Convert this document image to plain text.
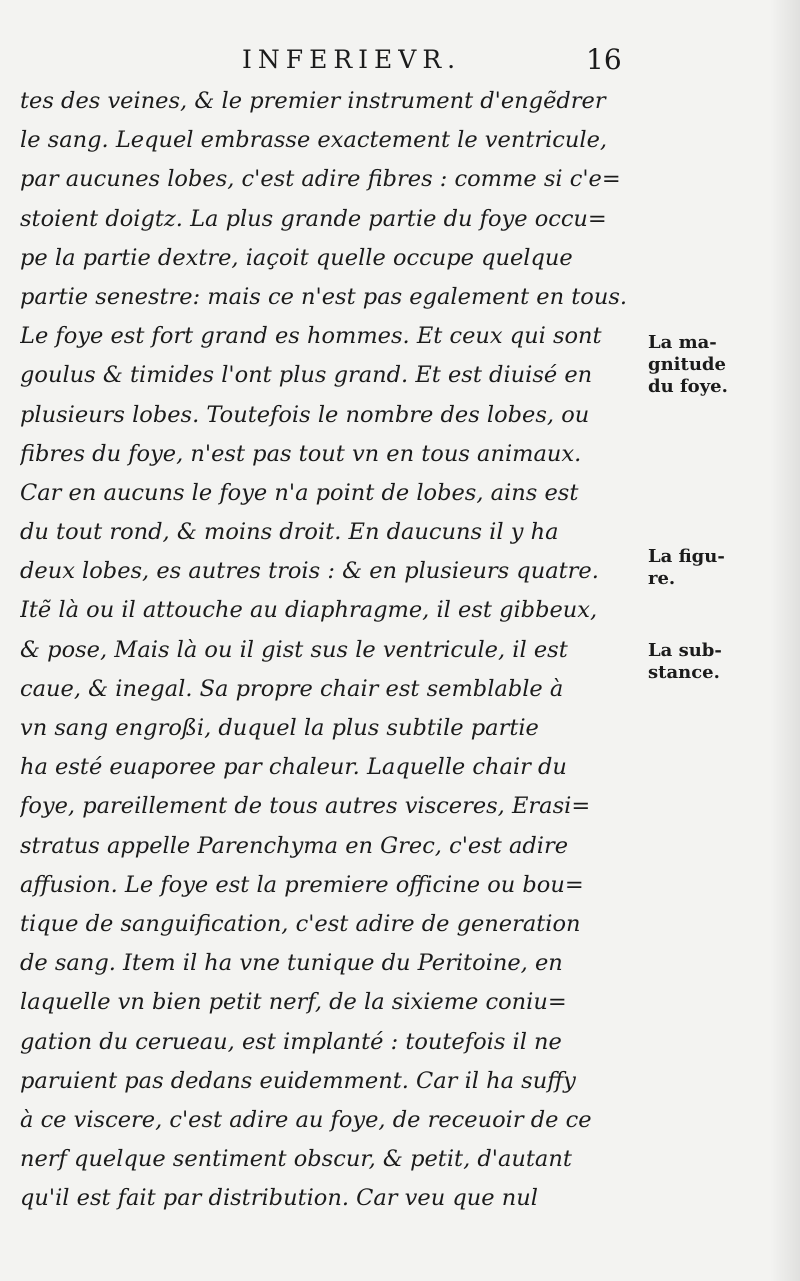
INFERIEVR.	16
tes des veines, & le premier instrument d'engẽdrer
le sang. Lequel embrasse exactement le ventricule,
par aucunes lobes, c'est adire fibres : comme si c'e=
stoient doigtz. La plus grande partie du foye occu=
pe la partie dextre, iaçoit quelle occupe quelque
partie senestre: mais ce n'est pas egalement en tous.
Le foye est fort grand es hommes. Et ceux qui sont
goulus & timides l'ont plus grand. Et est diuisé en
plusieurs lobes. Toutefois le nombre des lobes, ou
fibres du foye, n'est pas tout vn en tous animaux.
Car en aucuns le foye n'a point de lobes, ains est
du tout rond, & moins droit. En daucuns il y ha
deux lobes, es autres trois : & en plusieurs quatre.
Itẽ là ou il attouche au diaphragme, il est gibbeux,
& pose, Mais là ou il gist sus le ventricule, il est
caue, & inegal. Sa propre chair est semblable à
vn sang engroßi, duquel la plus subtile partie
ha esté euaporee par chaleur. Laquelle chair du
foye, pareillement de tous autres visceres, Erasi=
stratus appelle Parenchyma en Grec, c'est adire
affusion. Le foye est la premiere officine ou bou=
tique de sanguification, c'est adire de generation
de sang. Item il ha vne tunique du Peritoine, en
laquelle vn bien petit nerf, de la sixieme coniu=
gation du cerueau, est implanté : toutefois il ne
paruient pas dedans euidemment. Car il ha suffy
à ce viscere, c'est adire au foye, de receuoir de ce
nerf quelque sentiment obscur, & petit, d'autant
qu'il est fait par distribution. Car veu que nul
La ma-
gnitude
du foye.
La figu-
re.
La sub-
stance.
